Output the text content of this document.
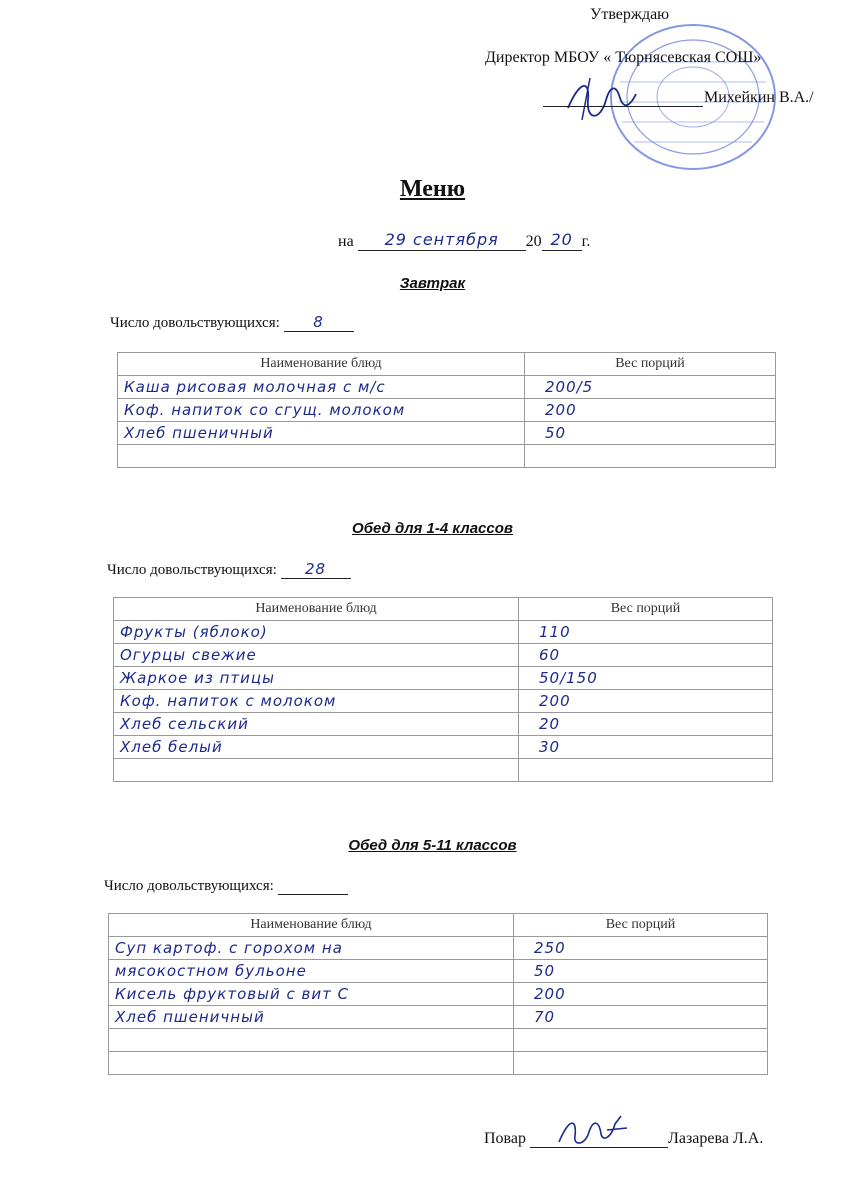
Утверждаю
Директор МБОУ « Тюрнясевская СОШ»
Михейкин В.А./
Меню
на 29 сентября 20 20 г.
Завтрак
Число довольствующихся: 8
Наименование блюд	Вес порций
Каша рисовая молочная с м/с	200/5
Коф. напиток со сгущ. молоком	200
Хлеб пшеничный	50

Обед для 1-4 классов
Число довольствующихся: 28
Наименование блюд	Вес порций
Фрукты (яблоко)	110
Огурцы свежие	60
Жаркое из птицы	50/150
Коф. напиток с молоком	200
Хлеб сельский	20
Хлеб белый	30

Обед для 5-11 классов
Число довольствующихся:
Наименование блюд	Вес порций
Суп картоф. с горохом на	250
мясокостном бульоне	50
Кисель фруктовый с вит С	200
Хлеб пшеничный	70

Повар	Лазарева Л.А.
